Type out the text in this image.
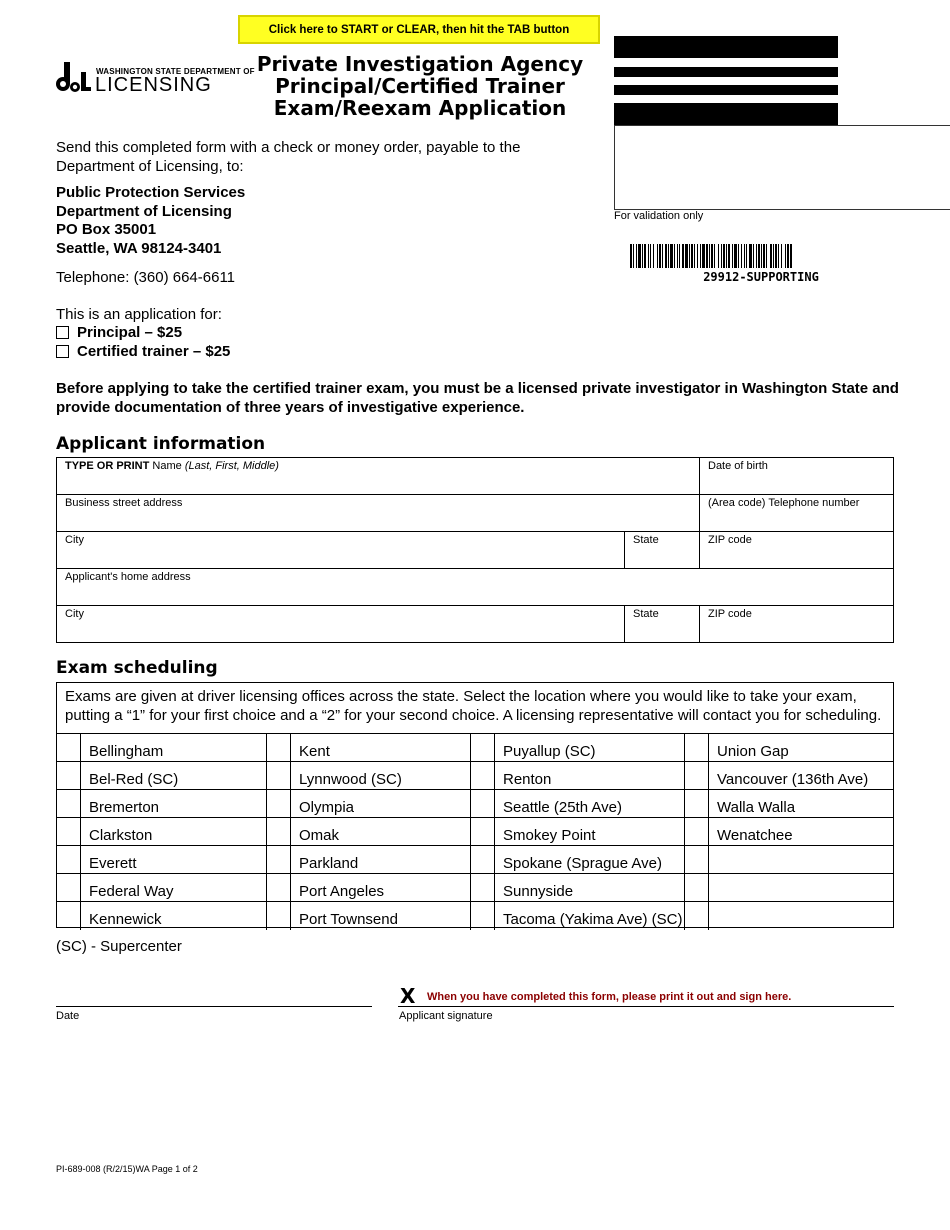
Click here to START or CLEAR, then hit the TAB button
WASHINGTON STATE DEPARTMENT OF
LICENSING
Private Investigation Agency
Principal/Certified Trainer
Exam/Reexam Application
For validation only
29912-SUPPORTING
Send this completed form with a check or money order, payable to the Department of Licensing, to:
Public Protection Services
Department of Licensing
PO Box 35001
Seattle, WA 98124-3401
Telephone: (360) 664-6611
This is an application for:
Principal – $25
Certified trainer – $25
Before applying to take the certified trainer exam, you must be a licensed private investigator in Washington State and provide documentation of three years of investigative experience.
Applicant information
TYPE OR PRINT Name (Last, First, Middle)	Date of birth
Business street address	(Area code) Telephone number
City	State	ZIP code
Applicant's home address
City	State	ZIP code
Exam scheduling
Exams are given at driver licensing offices across the state. Select the location where you would like to take your exam, putting a “1” for your first choice and a “2” for your second choice. A licensing representative will contact you for scheduling.
Bellingham	Kent	Puyallup (SC)	Union Gap
Bel-Red (SC)	Lynnwood (SC)	Renton	Vancouver (136th Ave)
Bremerton	Olympia	Seattle (25th Ave)	Walla Walla
Clarkston	Omak	Smokey Point	Wenatchee
Everett	Parkland	Spokane (Sprague Ave)
Federal Way	Port Angeles	Sunnyside
Kennewick	Port Townsend	Tacoma (Yakima Ave) (SC)
(SC) - Supercenter
Date
X When you have completed this form, please print it out and sign here.
Applicant signature
PI-689-008 (R/2/15)WA Page 1 of 2
